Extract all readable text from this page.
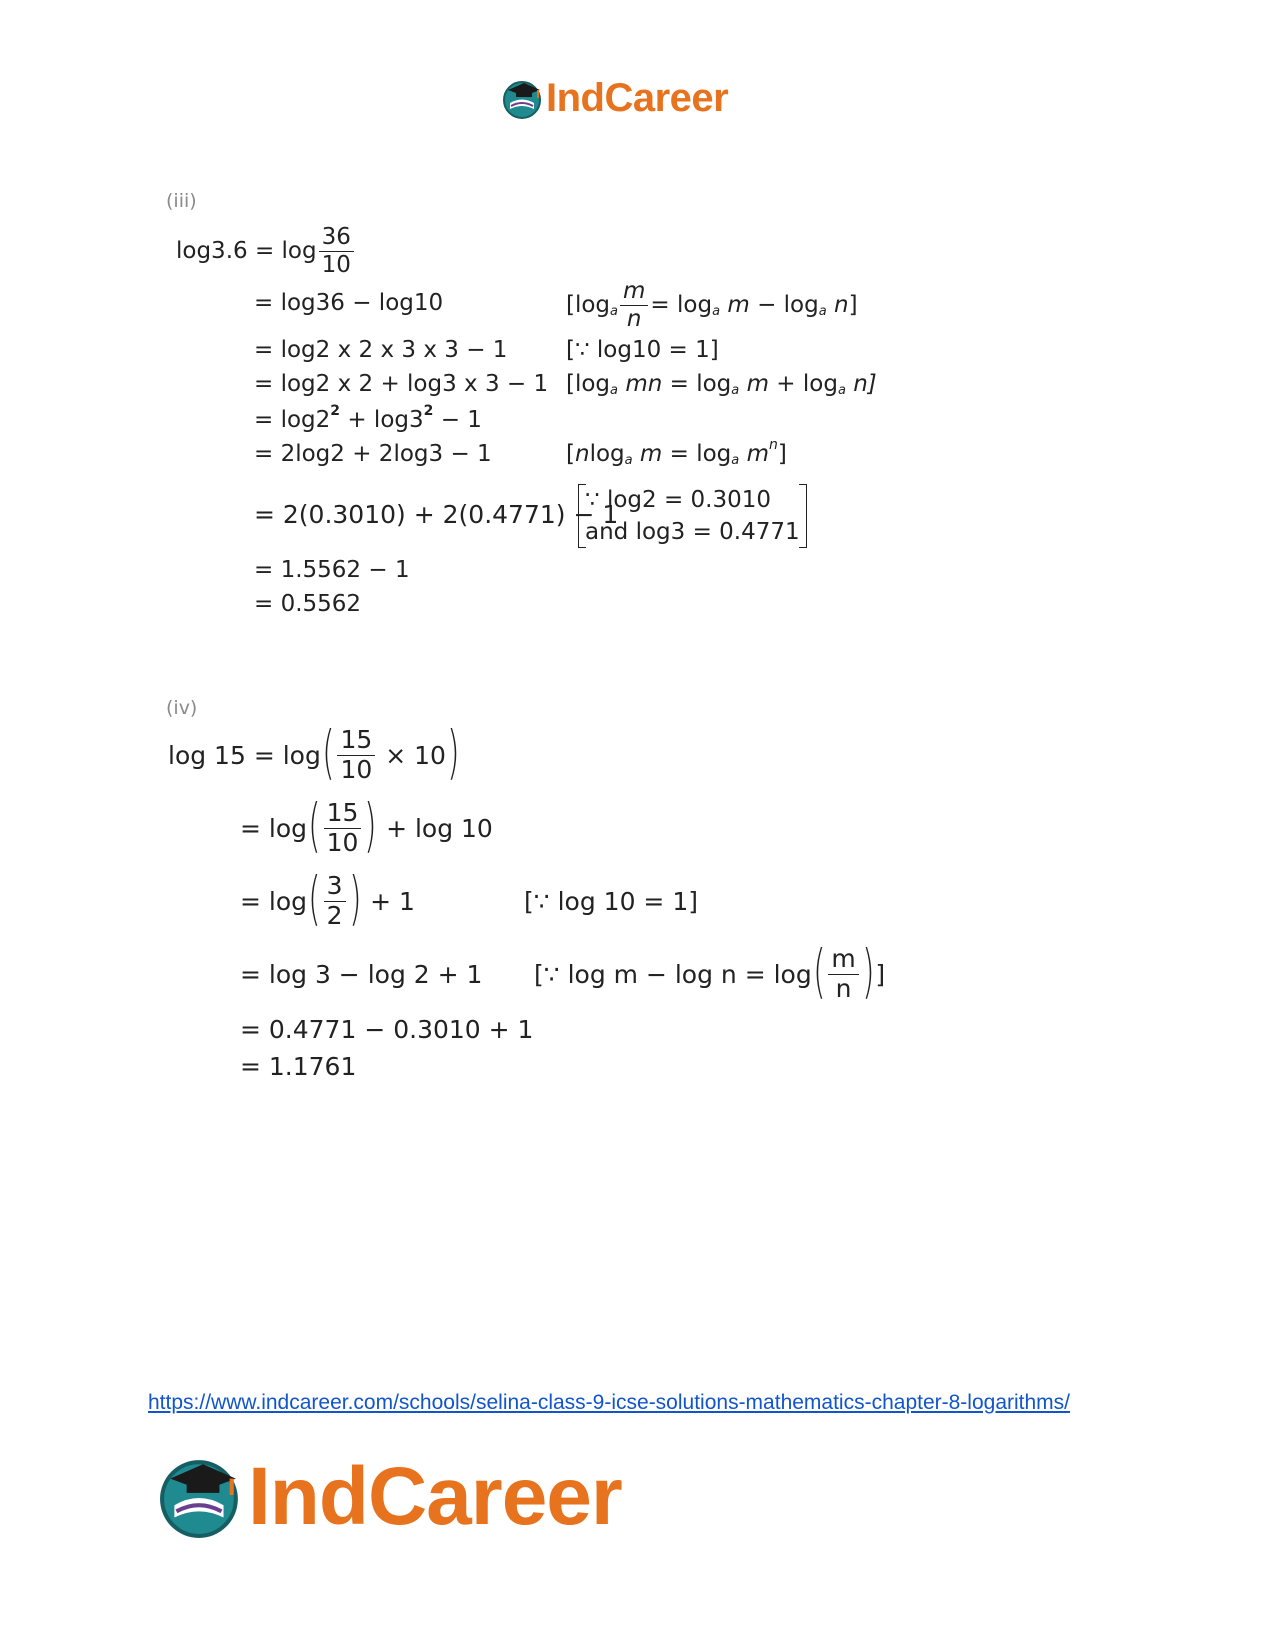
IndCareer
(iii)
$\log 3.6 = \log \frac{36}{10}$
= log36 − log10	[log a $\frac{m}{n} = \log a$
m
− log a
n ]
= log2 x 2 x 3 x 3 − 1	[∵ log10 = 1]
= log2 x 2 + log3 x 3 − 1 [log a
mn
= log a
m
+ log a
n]
= log2 2
+ log3 2
− 1
= 2log2 + 2log3 − 1	[ n log a
m
= log a
m n ]
= 2(0.3010) + 2(0.4771) − 1
∵ log2 = 0.3010
and log3 = 0.4771
= 1.5562 − 1
= 0.5562
(iv)
log 15 = log ( $\frac{15}{10}$
× 10 )
= log ( $\frac{15}{10}$ )
+ log 10
= log ( $\frac{3}{2}$ )
+ 1	[∵ log 10 = 1]
= log 3 − log 2 + 1 [∵ log m − log n = log ( $\frac{m}{n}$ ) ]
= 0.4771 − 0.3010 + 1
= 1.1761
https://www.indcareer.com/schools/selina-class-9-icse-solutions-mathematics-chapter-8-logarithms/
IndCareer
